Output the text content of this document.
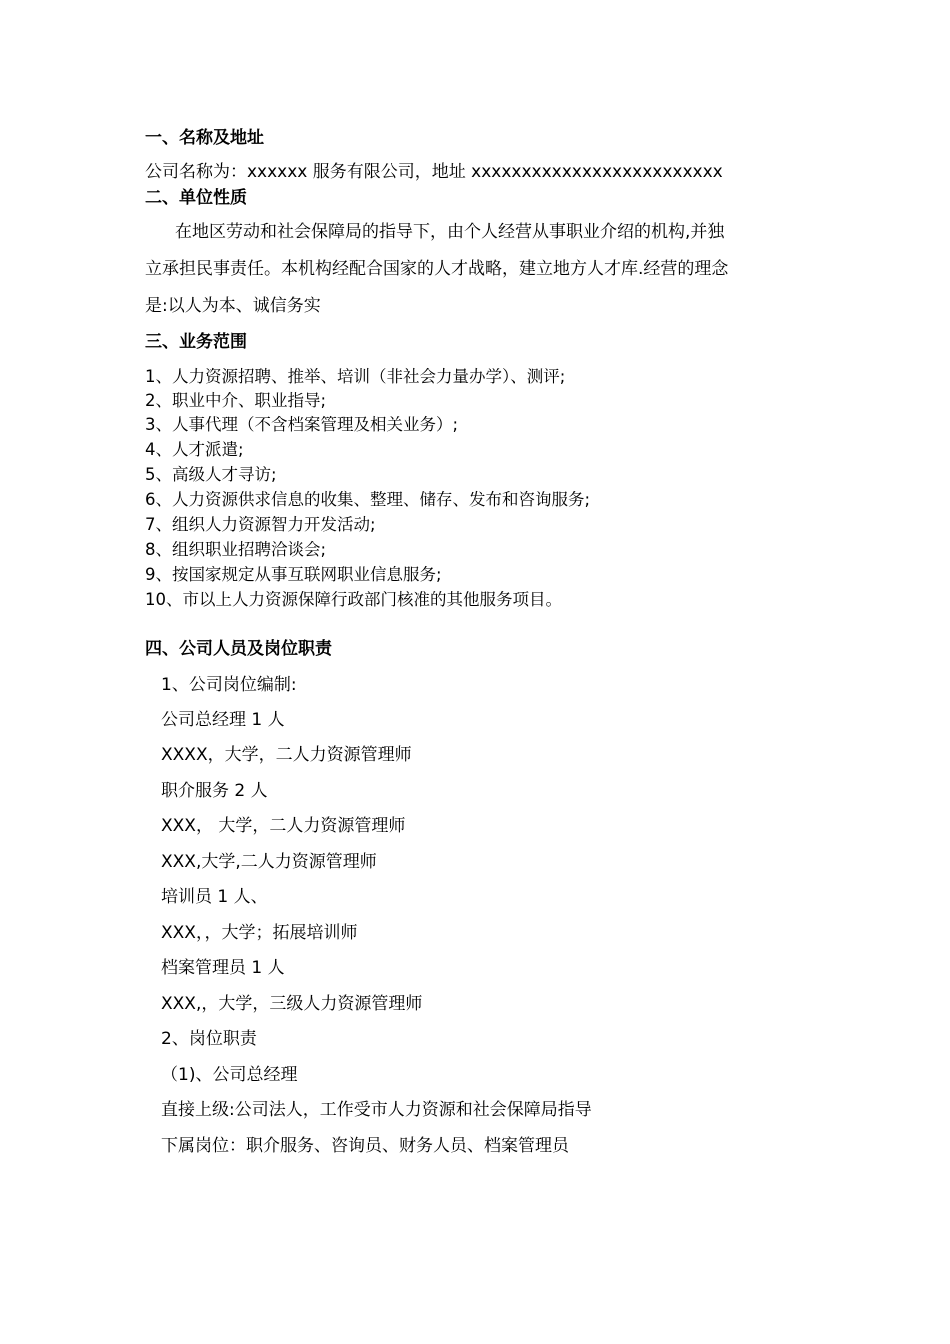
一、名称及地址
公司名称为：xxxxxx 服务有限公司，地址 xxxxxxxxxxxxxxxxxxxxxxxxx
二、单位性质
在地区劳动和社会保障局的指导下，由个人经营从事职业介绍的机构,并独
立承担民事责任。本机构经配合国家的人才战略，建立地方人才库.经营的理念
是:以人为本、诚信务实
三、业务范围
1、人力资源招聘、推举、培训（非社会力量办学）、测评;
2、职业中介、职业指导;
3、人事代理（不含档案管理及相关业务）;
4、人才派遣;
5、高级人才寻访;
6、人力资源供求信息的收集、整理、储存、发布和咨询服务;
7、组织人力资源智力开发活动;
8、组织职业招聘洽谈会;
9、按国家规定从事互联网职业信息服务;
10、市以上人力资源保障行政部门核准的其他服务项目。
四、公司人员及岗位职责
1、公司岗位编制:
公司总经理 1 人
XXXX，大学，二人力资源管理师
职介服务 2 人
XXX， 大学，二人力资源管理师
XXX,大学,二人力资源管理师
培训员 1 人、
XXX，，大学；拓展培训师
档案管理员 1 人
XXX,，大学，三级人力资源管理师
2、岗位职责
（1)、公司总经理
直接上级:公司法人，工作受市人力资源和社会保障局指导
下属岗位：职介服务、咨询员、财务人员、档案管理员
